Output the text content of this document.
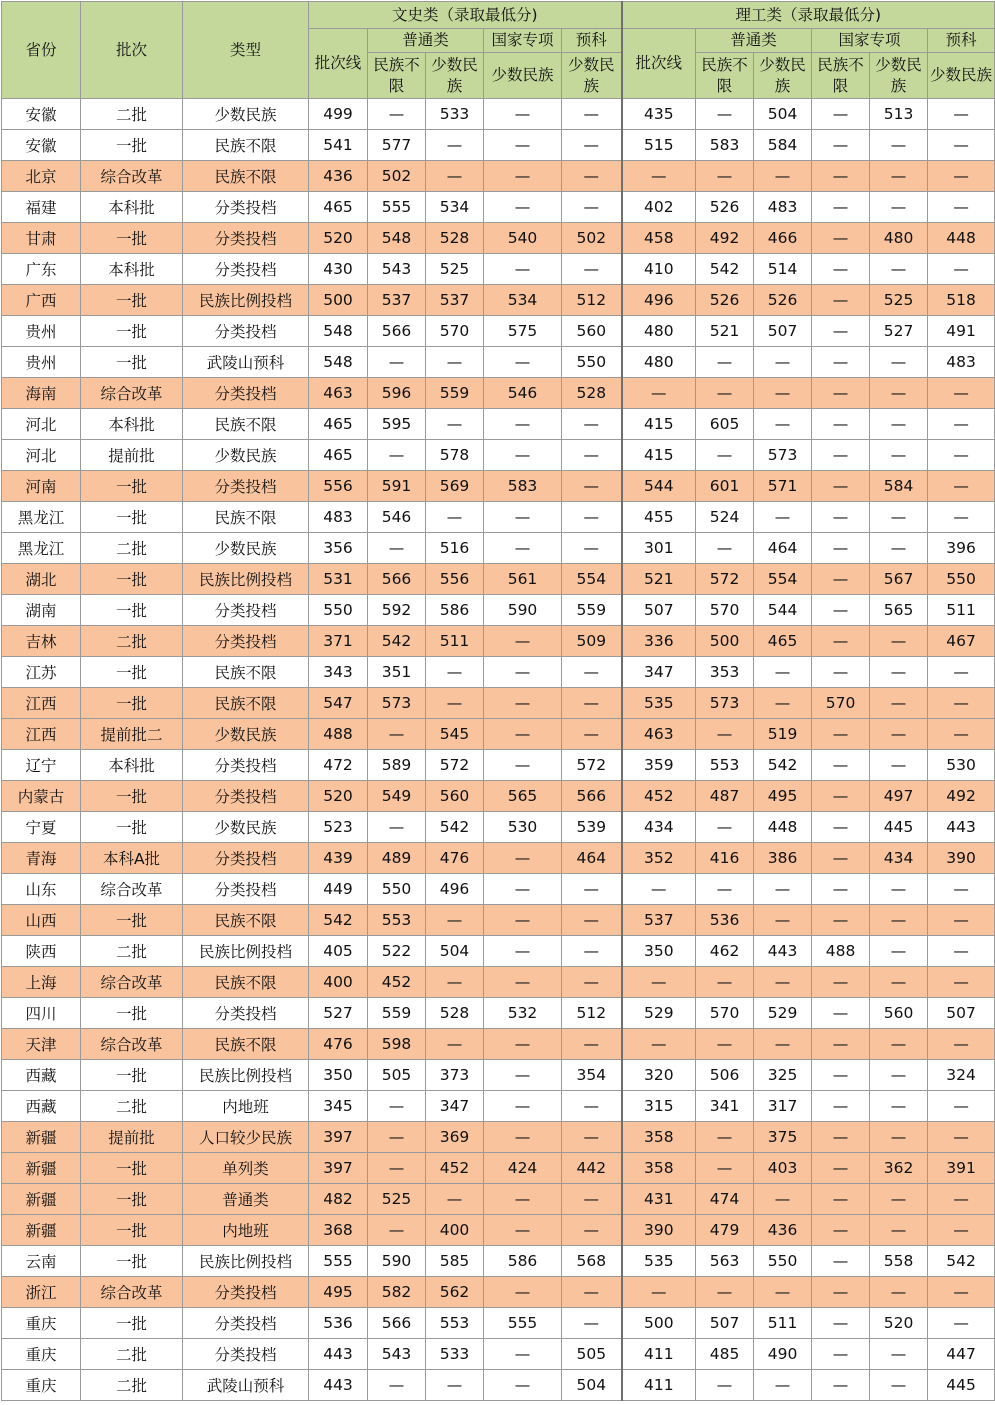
省份	批次	类型	文史类（录取最低分)					理工类（录取最低分)					
			批次线	普通类		国家专项	预科	批次线	普通类		国家专项		预科
				民族不限	少数民族	少数民族	少数民族		民族不限	少数民族	民族不限	少数民族	少数民族
安徽	二批	少数民族	499	—	533	—	—	435	—	504	—	513	—
安徽	一批	民族不限	541	577	—	—	—	515	583	584	—	—	—
北京	综合改革	民族不限	436	502	—	—	—	—	—	—	—	—	—
福建	本科批	分类投档	465	555	534	—	—	402	526	483	—	—	—
甘肃	一批	分类投档	520	548	528	540	502	458	492	466	—	480	448
广东	本科批	分类投档	430	543	525	—	—	410	542	514	—	—	—
广西	一批	民族比例投档	500	537	537	534	512	496	526	526	—	525	518
贵州	一批	分类投档	548	566	570	575	560	480	521	507	—	527	491
贵州	一批	武陵山预科	548	—	—	—	550	480	—	—	—	—	483
海南	综合改革	分类投档	463	596	559	546	528	—	—	—	—	—	—
河北	本科批	民族不限	465	595	—	—	—	415	605	—	—	—	—
河北	提前批	少数民族	465	—	578	—	—	415	—	573	—	—	—
河南	一批	分类投档	556	591	569	583	—	544	601	571	—	584	—
黑龙江	一批	民族不限	483	546	—	—	—	455	524	—	—	—	—
黑龙江	二批	少数民族	356	—	516	—	—	301	—	464	—	—	396
湖北	一批	民族比例投档	531	566	556	561	554	521	572	554	—	567	550
湖南	一批	分类投档	550	592	586	590	559	507	570	544	—	565	511
吉林	二批	分类投档	371	542	511	—	509	336	500	465	—	—	467
江苏	一批	民族不限	343	351	—	—	—	347	353	—	—	—	—
江西	一批	民族不限	547	573	—	—	—	535	573	—	570	—	—
江西	提前批二	少数民族	488	—	545	—	—	463	—	519	—	—	—
辽宁	本科批	分类投档	472	589	572	—	572	359	553	542	—	—	530
内蒙古	一批	分类投档	520	549	560	565	566	452	487	495	—	497	492
宁夏	一批	少数民族	523	—	542	530	539	434	—	448	—	445	443
青海	本科A批	分类投档	439	489	476	—	464	352	416	386	—	434	390
山东	综合改革	分类投档	449	550	496	—	—	—	—	—	—	—	—
山西	一批	民族不限	542	553	—	—	—	537	536	—	—	—	—
陕西	二批	民族比例投档	405	522	504	—	—	350	462	443	488	—	—
上海	综合改革	民族不限	400	452	—	—	—	—	—	—	—	—	—
四川	一批	分类投档	527	559	528	532	512	529	570	529	—	560	507
天津	综合改革	民族不限	476	598	—	—	—	—	—	—	—	—	—
西藏	一批	民族比例投档	350	505	373	—	354	320	506	325	—	—	324
西藏	二批	内地班	345	—	347	—	—	315	341	317	—	—	—
新疆	提前批	人口较少民族	397	—	369	—	—	358	—	375	—	—	—
新疆	一批	单列类	397	—	452	424	442	358	—	403	—	362	391
新疆	一批	普通类	482	525	—	—	—	431	474	—	—	—	—
新疆	一批	内地班	368	—	400	—	—	390	479	436	—	—	—
云南	一批	民族比例投档	555	590	585	586	568	535	563	550	—	558	542
浙江	综合改革	分类投档	495	582	562	—	—	—	—	—	—	—	—
重庆	一批	分类投档	536	566	553	555	—	500	507	511	—	520	—
重庆	二批	分类投档	443	543	533	—	505	411	485	490	—	—	447
重庆	二批	武陵山预科	443	—	—	—	504	411	—	—	—	—	445
